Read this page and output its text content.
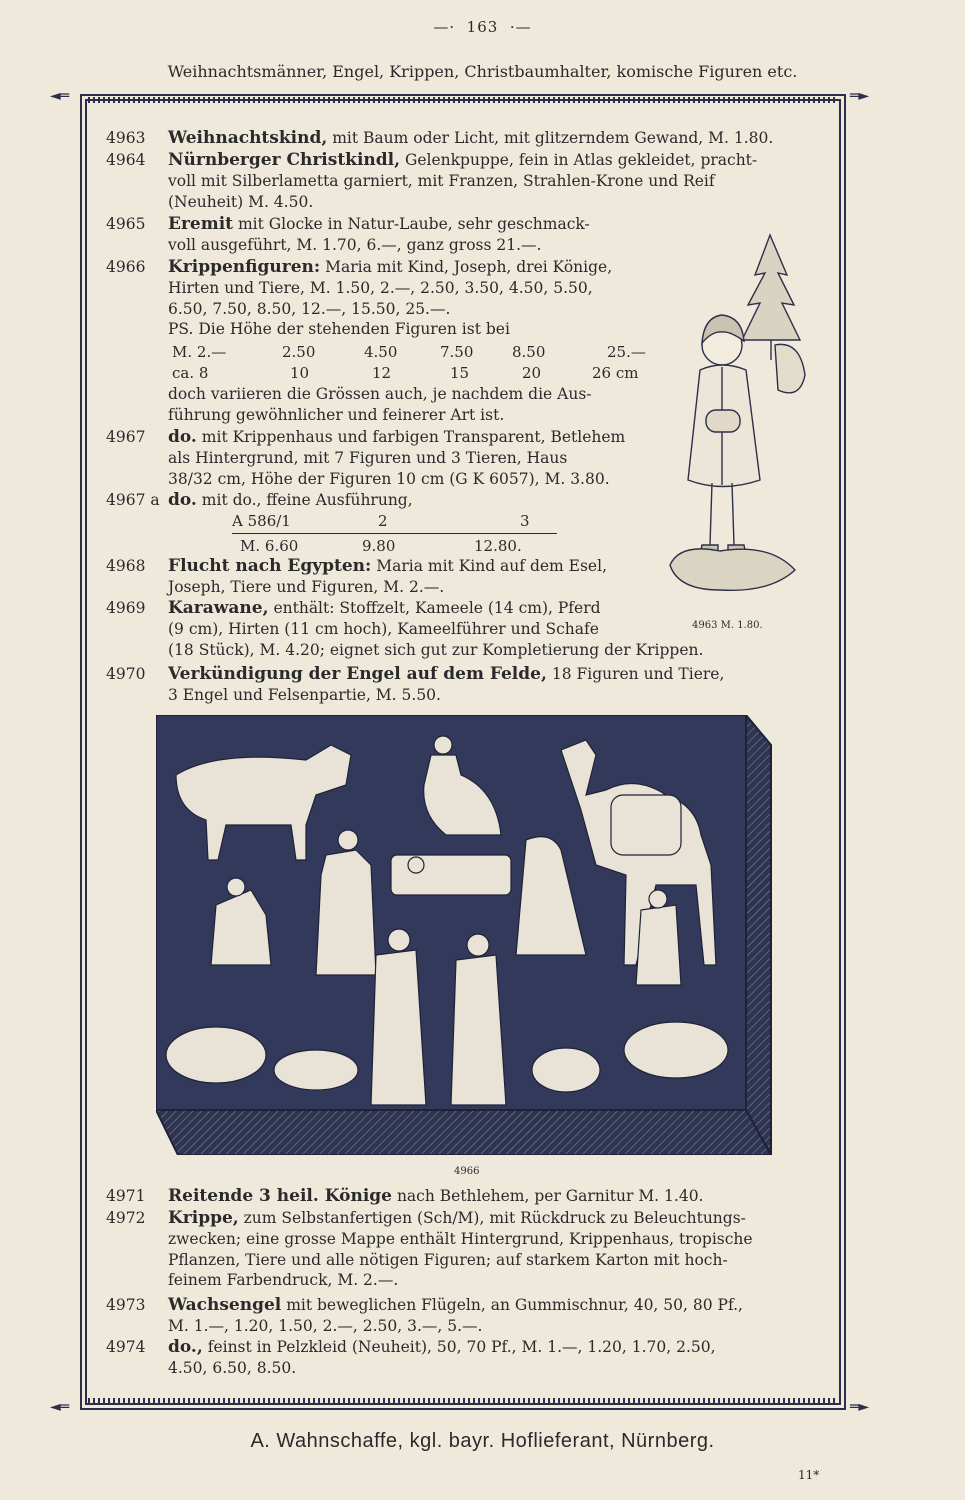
—·  163  ·—
Weihnachtsmänner, Engel, Krippen, Christbaumhalter, komische Figuren etc.
◄═	═►
◄═	═►
4963	Weihnachtskind, mit Baum oder Licht, mit glitzerndem Gewand, M. 1.80.

4964	Nürnberger Christkindl, Gelenkpuppe, fein in Atlas gekleidet, pracht-

voll mit Silberlametta garniert, mit Franzen, Strahlen-Krone und Reif

(Neuheit) M. 4.50.

4965	Eremit mit Glocke in Natur-Laube, sehr geschmack-

voll ausgeführt, M. 1.70, 6.—, ganz gross 21.—.

4966	Krippenfiguren: Maria mit Kind, Joseph, drei Könige,

Hirten und Tiere, M. 1.50, 2.—, 2.50, 3.50, 4.50, 5.50,

6.50, 7.50, 8.50, 12.—, 15.50, 25.—.

PS. Die Höhe der stehenden Figuren ist bei

M. 2.—	2.50	4.50	7.50	8.50	25.—
ca. 8	10	12	15	20	26 cm

doch variieren die Grössen auch, je nachdem die Aus-

führung gewöhnlicher und feinerer Art ist.

4967	do. mit Krippenhaus und farbigen Transparent, Betlehem

als Hintergrund, mit 7 Figuren und 3 Tieren, Haus

38/32 cm, Höhe der Figuren 10 cm (G K 6057), M. 3.80.

4967 a do. mit do., ffeine Ausführung,

A 586/1	2	3
M. 6.60	9.80	12.80.
4968	Flucht nach Egypten: Maria mit Kind auf dem Esel,

Joseph, Tiere und Figuren, M. 2.—.

4969	Karawane, enthält: Stoffzelt, Kameele (14 cm), Pferd

(9 cm), Hirten (11 cm hoch), Kameelführer und Schafe

(18 Stück), M. 4.20; eignet sich gut zur Kompletierung der Krippen.

4970	Verkündigung der Engel auf dem Felde, 18 Figuren und Tiere,

3 Engel und Felsenpartie, M. 5.50.

4963 M. 1.80.
4966
4971	Reitende 3 heil. Könige nach Bethlehem, per Garnitur M. 1.40.

4972	Krippe, zum Selbstanfertigen (Sch/M), mit Rückdruck zu Beleuchtungs-

zwecken; eine grosse Mappe enthält Hintergrund, Krippenhaus, tropische

Pflanzen, Tiere und alle nötigen Figuren; auf starkem Karton mit hoch-

feinem Farbendruck, M. 2.—.

4973	Wachsengel mit beweglichen Flügeln, an Gummischnur, 40, 50, 80 Pf.,

M. 1.—, 1.20, 1.50, 2.—, 2.50, 3.—, 5.—.

4974	do., feinst in Pelzkleid (Neuheit), 50, 70 Pf., M. 1.—, 1.20, 1.70, 2.50,

4.50, 6.50, 8.50.

A. Wahnschaffe, kgl. bayr. Hoflieferant, Nürnberg.
11*
